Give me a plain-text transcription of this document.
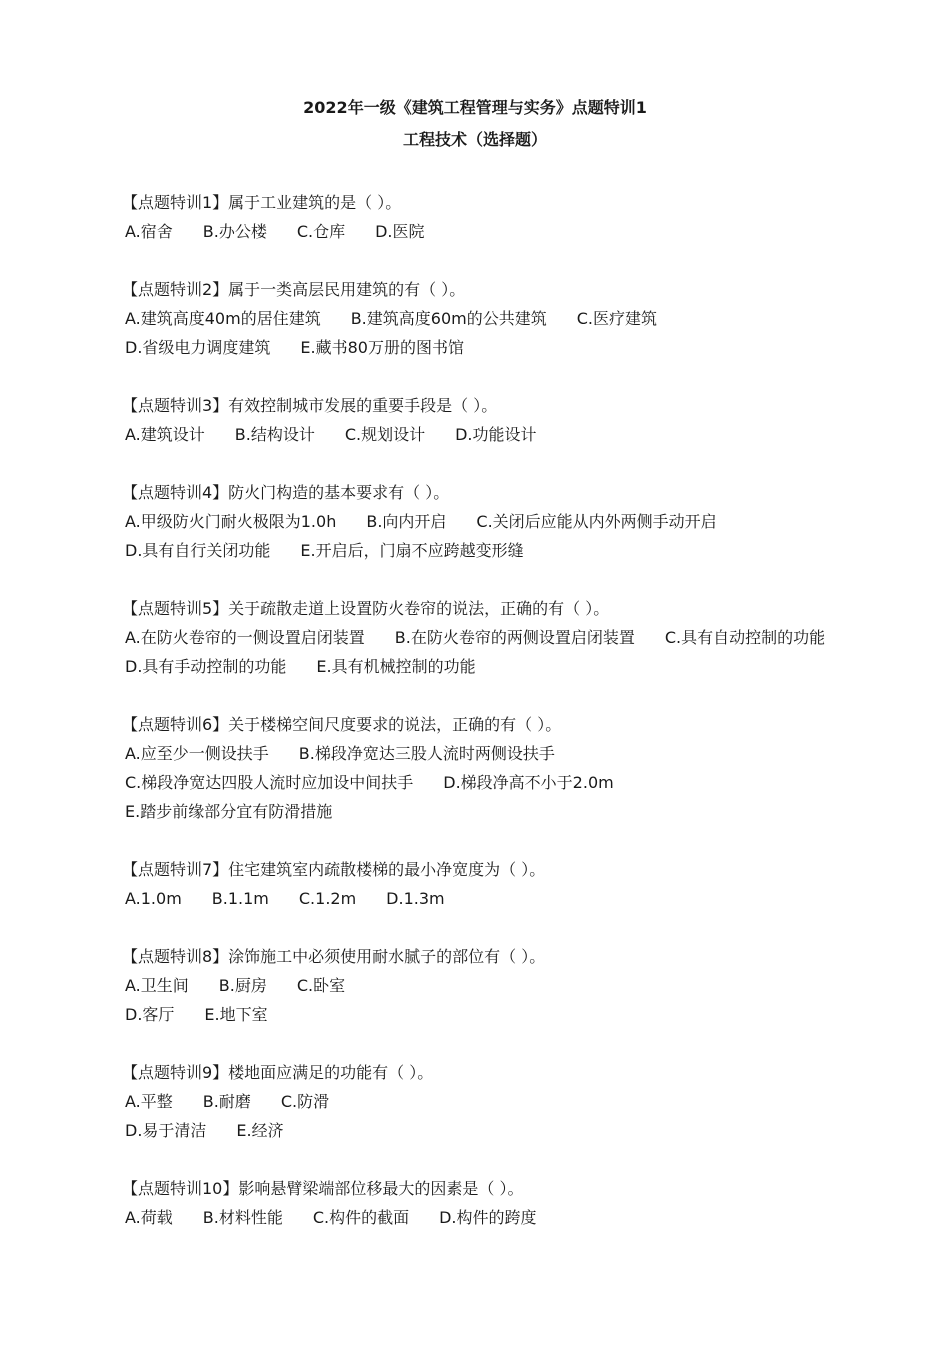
2022年一级《建筑工程管理与实务》点题特训1
工程技术（选择题）
【点题特训1】属于工业建筑的是（ ）。
A.宿舍 B.办公楼 C.仓库 D.医院
【点题特训2】属于一类高层民用建筑的有（ ）。
A.建筑高度40m的居住建筑 B.建筑高度60m的公共建筑 C.医疗建筑
D.省级电力调度建筑 E.藏书80万册的图书馆
【点题特训3】有效控制城市发展的重要手段是（ ）。
A.建筑设计 B.结构设计 C.规划设计 D.功能设计
【点题特训4】防火门构造的基本要求有（ ）。
A.甲级防火门耐火极限为1.0h B.向内开启 C.关闭后应能从内外两侧手动开启
D.具有自行关闭功能 E.开启后，门扇不应跨越变形缝
【点题特训5】关于疏散走道上设置防火卷帘的说法，正确的有（ ）。
A.在防火卷帘的一侧设置启闭装置 B.在防火卷帘的两侧设置启闭装置 C.具有自动控制的功能
D.具有手动控制的功能 E.具有机械控制的功能
【点题特训6】关于楼梯空间尺度要求的说法，正确的有（ ）。
A.应至少一侧设扶手 B.梯段净宽达三股人流时两侧设扶手
C.梯段净宽达四股人流时应加设中间扶手 D.梯段净高不小于2.0m
E.踏步前缘部分宜有防滑措施
【点题特训7】住宅建筑室内疏散楼梯的最小净宽度为（ ）。
A.1.0m B.1.1m C.1.2m D.1.3m
【点题特训8】涂饰施工中必须使用耐水腻子的部位有（ ）。
A.卫生间 B.厨房 C.卧室
D.客厅 E.地下室
【点题特训9】楼地面应满足的功能有（ ）。
A.平整 B.耐磨 C.防滑
D.易于清洁 E.经济
【点题特训10】影响悬臂梁端部位移最大的因素是（ ）。
A.荷载 B.材料性能 C.构件的截面 D.构件的跨度
